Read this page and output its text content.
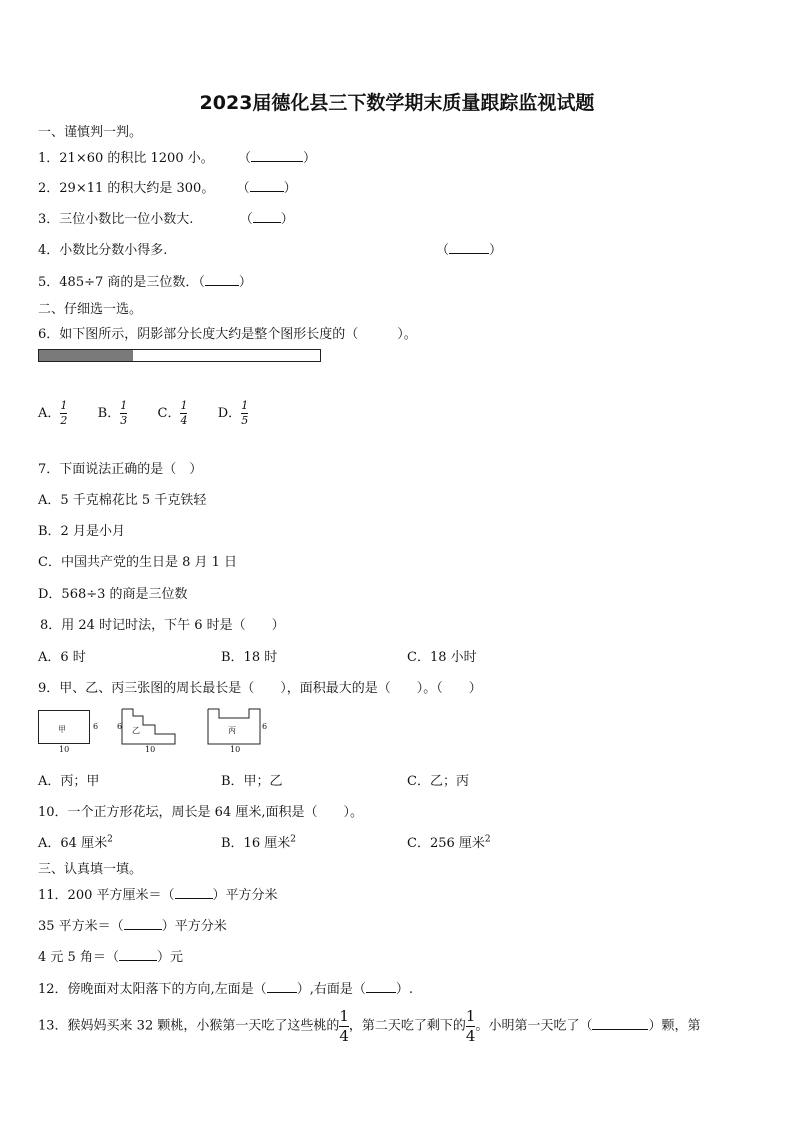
2023届德化县三下数学期末质量跟踪监视试题
一、谨慎判一判。
1．21×60 的积比 1200 小。 （	）
2．29×11 的积大约是 300。 （	）
3．三位小数比一位小数大.	（ ）
4．小数比分数小得多.	（	）
5．485÷7 商的是三位数．（	）
二、仔细选一选。
6．如下图所示，阴影部分长度大约是整个图形长度的（　　　）。
A． $\frac{1}{2}$ B． $\frac{1}{3}$ C． $\frac{1}{4}$ D． $\frac{1}{5}$
7．下面说法正确的是（　）
A．5 千克棉花比 5 千克铁轻
B．2 月是小月
C．中国共产党的生日是 8 月 1 日
D．568÷3 的商是三位数
8．用 24 时记时法，下午 6 时是（　　）
A．6 时	B．18 时	C．18 小时
9．甲、乙、丙三张图的周长最长是（　　），面积最大的是（　　）。（　　）
甲	6
10
乙
6
10
丙	6
10
A．丙；甲	B．甲；乙	C．乙；丙
10．一个正方形花坛，周长是 64 厘米,面积是（　　）。
A．64 厘米$^2$	B．16 厘米$^2$	C．256 厘米$^2$
三、认真填一填。
11．200 平方厘米＝（	）平方分米
35 平方米＝（	）平方分米
4 元 5 角＝（	）元
12．傍晚面对太阳落下的方向,左面是（ ）,右面是（ ）.
13．猴妈妈买来 32 颗桃，小猴第一天吃了这些桃的 $\frac{1}{4}$ ，第二天吃了剩下的 $\frac{1}{4}$ 。小明第一天吃了（	）颗，第
